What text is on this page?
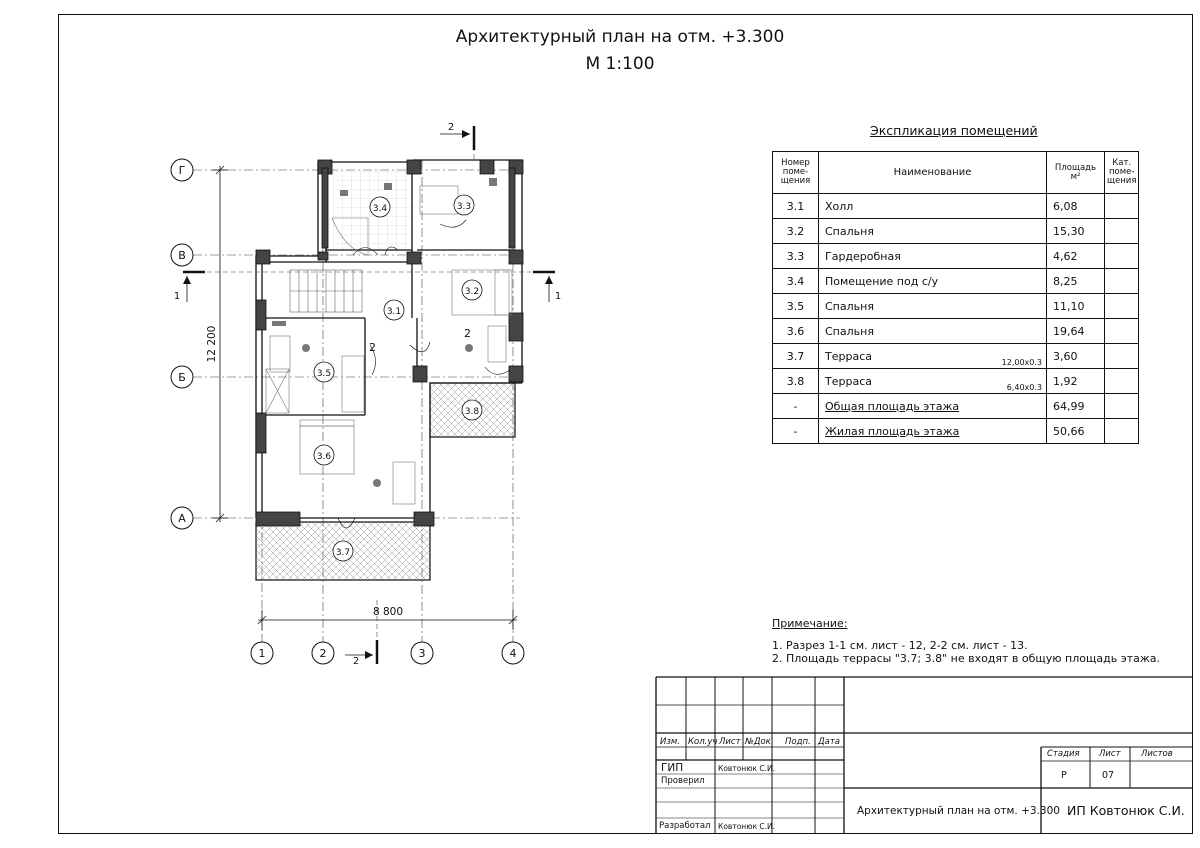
Архитектурный план на отм. +3.300
М 1:100
Г
В
Б
А
1	2	3	4
8 800
12 200
1	1
2
2
3.4	3.3
3.1
3.2
3.5
3.8
3.6
3.7
2
2
Экспликация помещений
Номер поме-щения	Наименование	Площадь м²	Кат. поме-щения
3.1	Холл	6,08	
3.2	Спальня	15,30	
3.3	Гардеробная	4,62	
3.4	Помещение под с/у	8,25	
3.5	Спальня	11,10	
3.6	Спальня	19,64	
3.7	Терраса 12,00х0.3	3,60	
3.8	Терраса 6,40х0.3	1,92	
-	Общая площадь этажа	64,99	
-	Жилая площадь этажа	50,66	
Примечание:
1. Разрез 1-1 см. лист - 12, 2-2 см. лист - 13.
2. Площадь террасы "3.7; 3.8" не входят в общую площадь этажа.
Изм. Кол.уч Лист №Док. Подп. Дата
ГИП
Проверил
Разработал
Ковтонюк С.И.
Ковтонюк С.И.
Стадия Лист Листов
Р	07
Архитектурный план на отм. +3.300 ИП Ковтонюк С.И.
